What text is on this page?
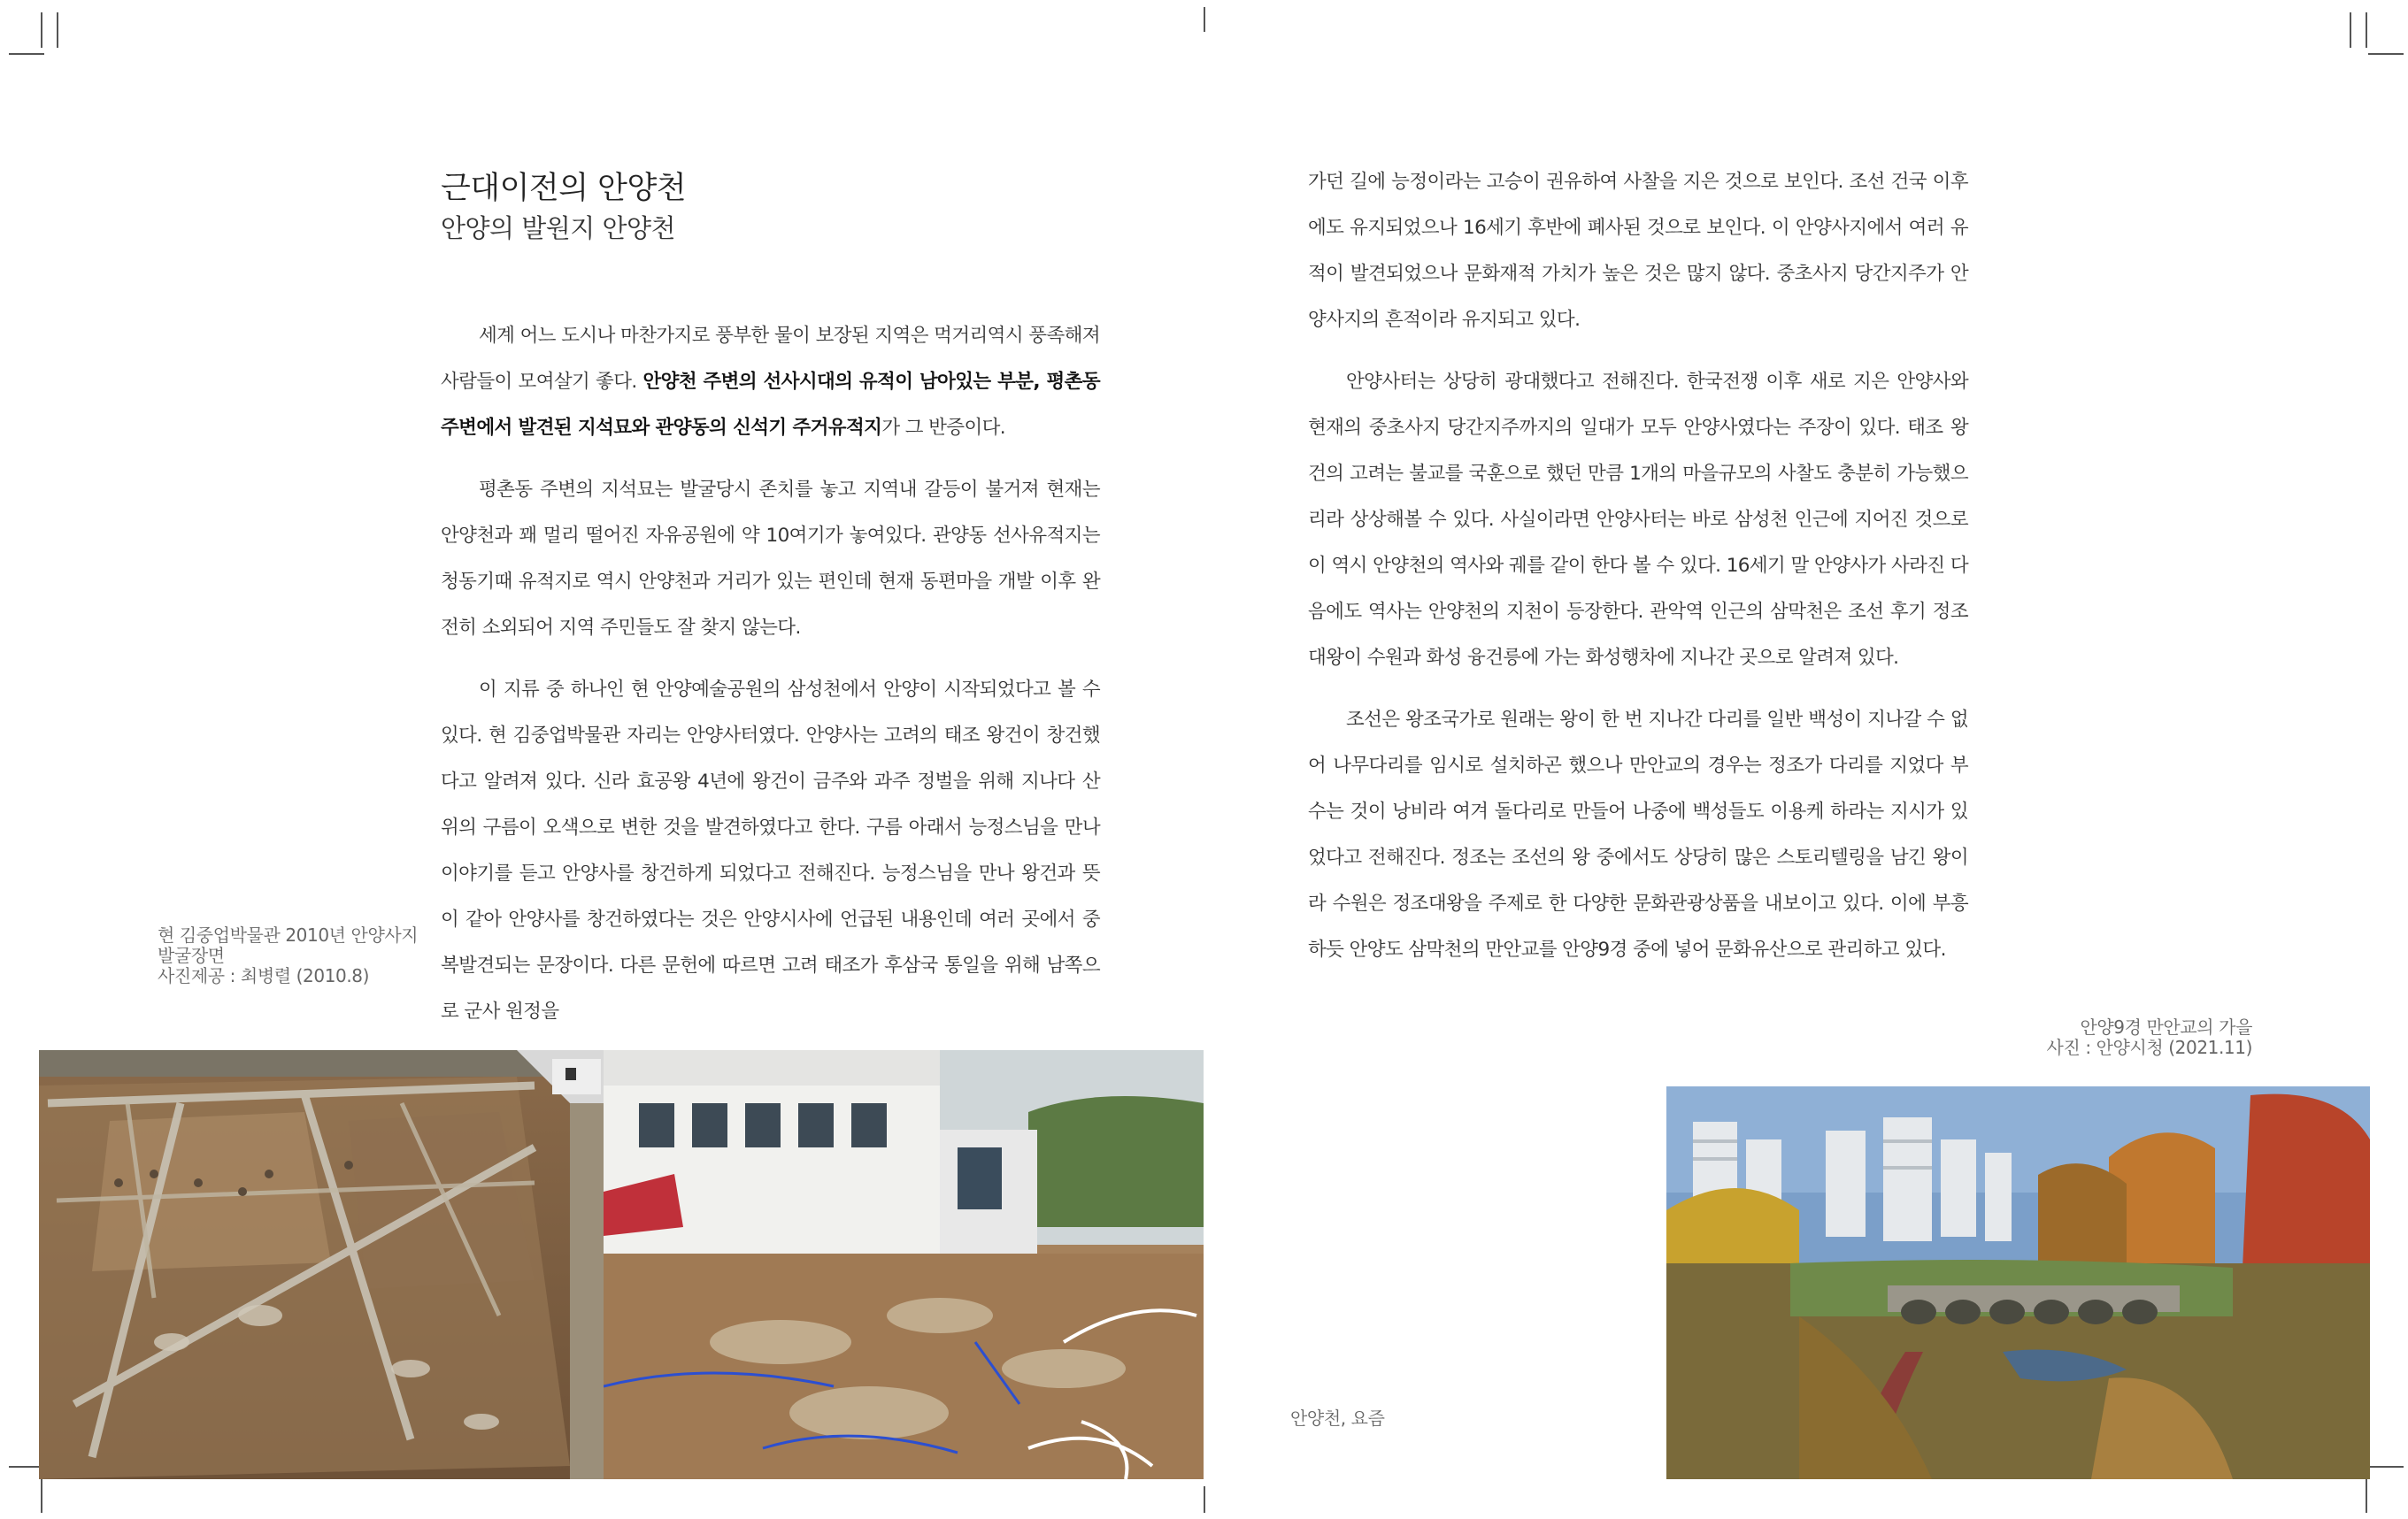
근대이전의 안양천
안양의 발원지 안양천

세계 어느 도시나 마찬가지로 풍부한 물이 보장된 지역은 먹거리역시 풍족해져 사람들이 모여살기 좋다. 안양천 주변의 선사시대의 유적이 남아있는 부분, 평촌동 주변에서 발견된 지석묘와 관양동의 신석기 주거유적지가 그 반증이다.

평촌동 주변의 지석묘는 발굴당시 존치를 놓고 지역내 갈등이 불거져 현재는 안양천과 꽤 멀리 떨어진 자유공원에 약 10여기가 놓여있다. 관양동 선사유적지는 청동기때 유적지로 역시 안양천과 거리가 있는 편인데 현재 동편마을 개발 이후 완전히 소외되어 지역 주민들도 잘 찾지 않는다.

이 지류 중 하나인 현 안양예술공원의 삼성천에서 안양이 시작되었다고 볼 수 있다. 현 김중업박물관 자리는 안양사터였다. 안양사는 고려의 태조 왕건이 창건했다고 알려져 있다. 신라 효공왕 4년에 왕건이 금주와 과주 정벌을 위해 지나다 산 위의 구름이 오색으로 변한 것을 발견하였다고 한다. 구름 아래서 능정스님을 만나 이야기를 듣고 안양사를 창건하게 되었다고 전해진다. 능정스님을 만나 왕건과 뜻이 같아 안양사를 창건하였다는 것은 안양시사에 언급된 내용인데 여러 곳에서 중복발견되는 문장이다. 다른 문헌에 따르면 고려 태조가 후삼국 통일을 위해 남쪽으로 군사 원정을

가던 길에 능정이라는 고승이 권유하여 사찰을 지은 것으로 보인다. 조선 건국 이후에도 유지되었으나 16세기 후반에 폐사된 것으로 보인다. 이 안양사지에서 여러 유적이 발견되었으나 문화재적 가치가 높은 것은 많지 않다. 중초사지 당간지주가 안양사지의 흔적이라 유지되고 있다.

안양사터는 상당히 광대했다고 전해진다. 한국전쟁 이후 새로 지은 안양사와 현재의 중초사지 당간지주까지의 일대가 모두 안양사였다는 주장이 있다. 태조 왕건의 고려는 불교를 국훈으로 했던 만큼 1개의 마을규모의 사찰도 충분히 가능했으리라 상상해볼 수 있다. 사실이라면 안양사터는 바로 삼성천 인근에 지어진 것으로 이 역시 안양천의 역사와 궤를 같이 한다 볼 수 있다. 16세기 말 안양사가 사라진 다음에도 역사는 안양천의 지천이 등장한다. 관악역 인근의 삼막천은 조선 후기 정조대왕이 수원과 화성 융건릉에 가는 화성행차에 지나간 곳으로 알려져 있다.

조선은 왕조국가로 원래는 왕이 한 번 지나간 다리를 일반 백성이 지나갈 수 없어 나무다리를 임시로 설치하곤 했으나 만안교의 경우는 정조가 다리를 지었다 부수는 것이 낭비라 여겨 돌다리로 만들어 나중에 백성들도 이용케 하라는 지시가 있었다고 전해진다. 정조는 조선의 왕 중에서도 상당히 많은 스토리텔링을 남긴 왕이라 수원은 정조대왕을 주제로 한 다양한 문화관광상품을 내보이고 있다. 이에 부흥하듯 안양도 삼막천의 만안교를 안양9경 중에 넣어 문화유산으로 관리하고 있다.

현 김중업박물관 2010년 안양사지
발굴장면
사진제공 : 최병렬 (2010.8)
안양9경 만안교의 가을
사진 : 안양시청 (2021.11)
안양천, 요즘
